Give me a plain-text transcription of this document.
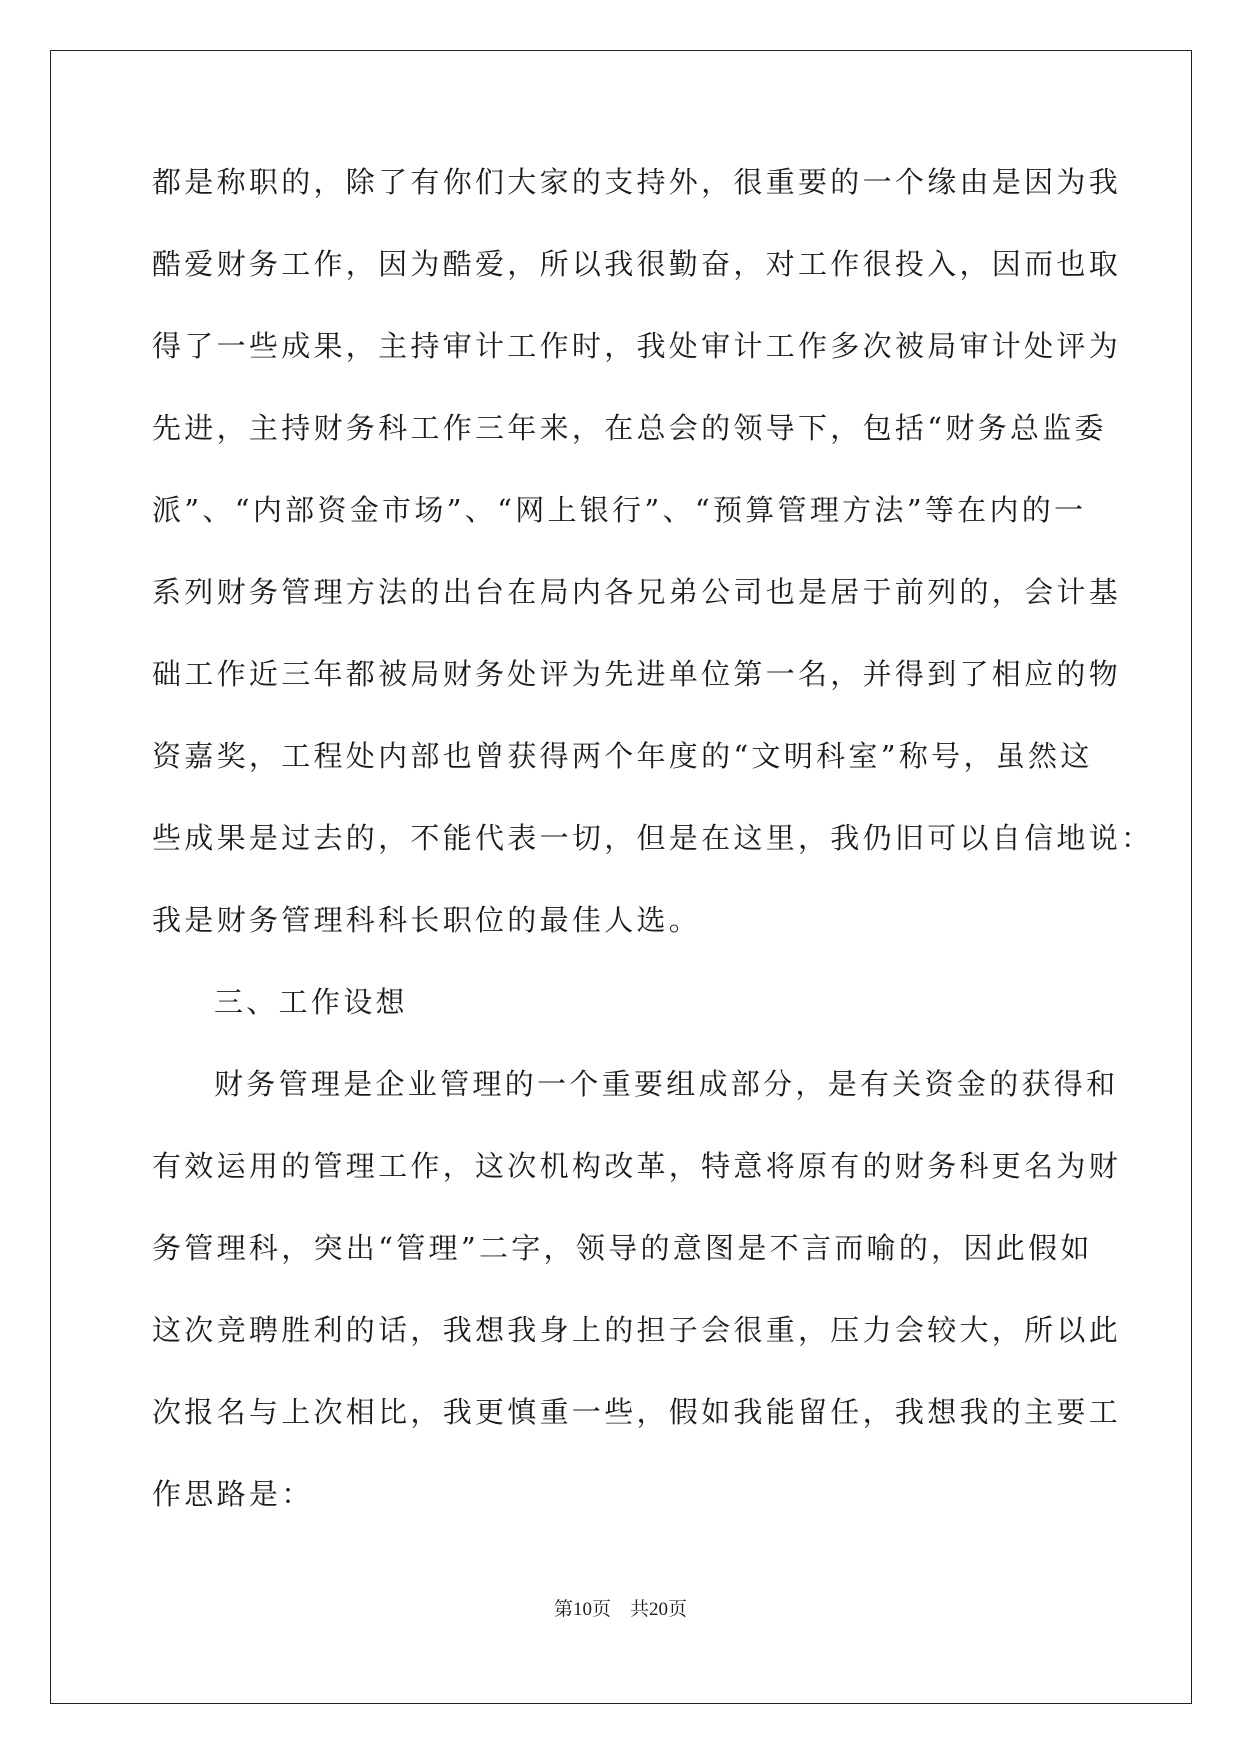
都是称职的，除了有你们大家的支持外，很重要的一个缘由是因为我
酷爱财务工作，因为酷爱，所以我很勤奋，对工作很投入，因而也取
得了一些成果，主持审计工作时，我处审计工作多次被局审计处评为
先进，主持财务科工作三年来，在总会的领导下，包括“财务总监委
派”、“内部资金市场”、“网上银行”、“预算管理方法”等在内的一
系列财务管理方法的出台在局内各兄弟公司也是居于前列的，会计基
础工作近三年都被局财务处评为先进单位第一名，并得到了相应的物
资嘉奖，工程处内部也曾获得两个年度的“文明科室”称号，虽然这
些成果是过去的，不能代表一切，但是在这里，我仍旧可以自信地说：
我是财务管理科科长职位的最佳人选。
三、工作设想
财务管理是企业管理的一个重要组成部分，是有关资金的获得和
有效运用的管理工作，这次机构改革，特意将原有的财务科更名为财
务管理科，突出“管理”二字，领导的意图是不言而喻的，因此假如
这次竞聘胜利的话，我想我身上的担子会很重，压力会较大，所以此
次报名与上次相比，我更慎重一些，假如我能留任，我想我的主要工
作思路是：
第10页　共20页
